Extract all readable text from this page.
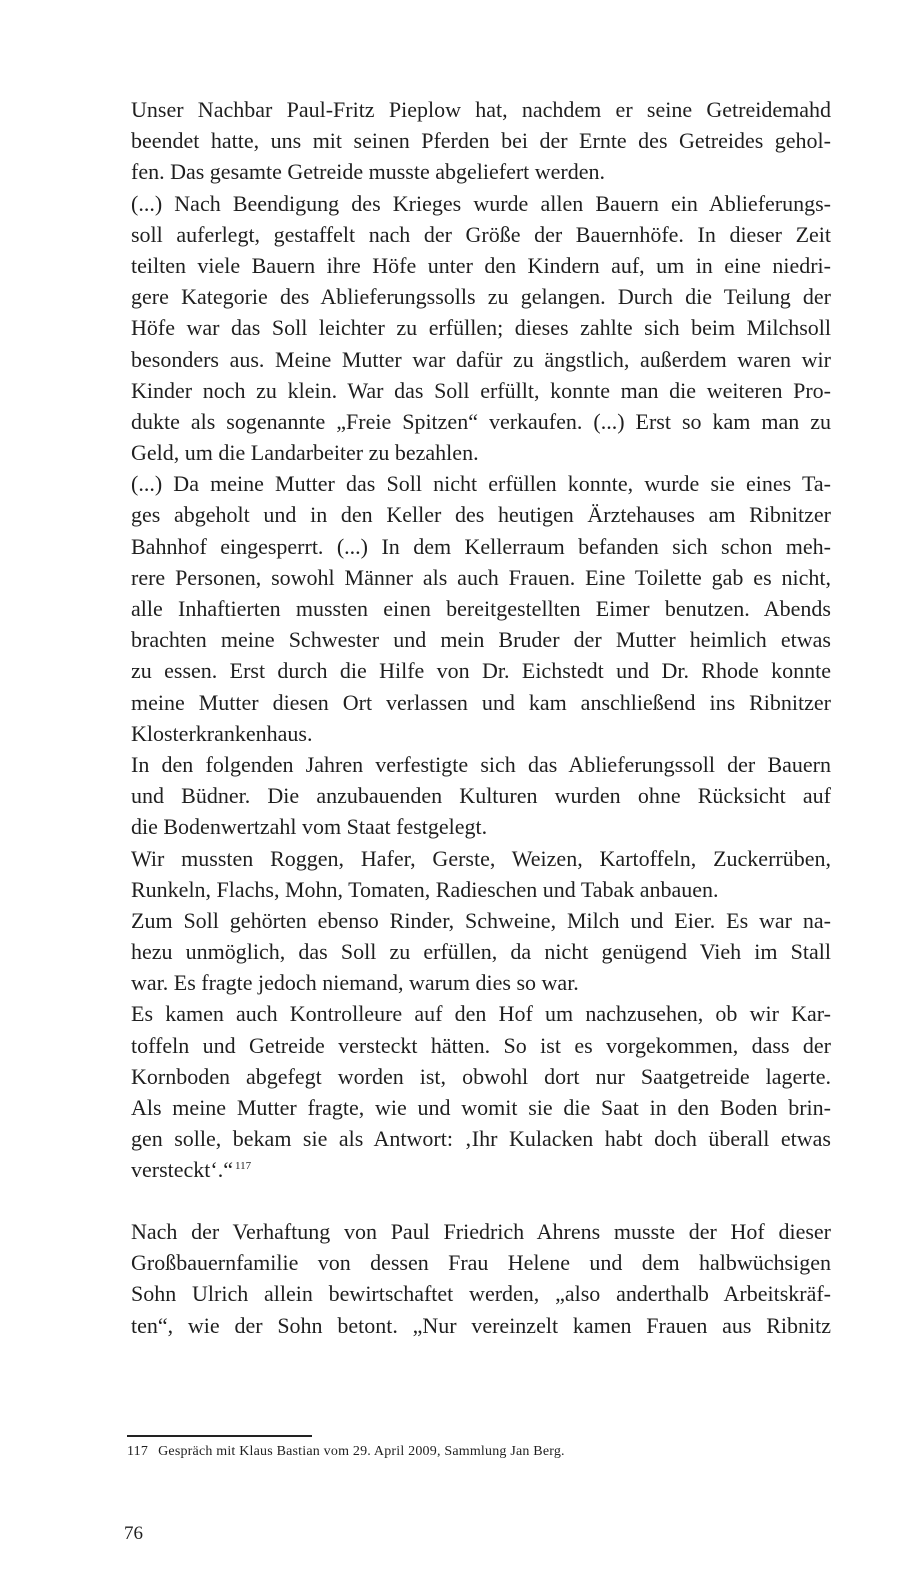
Unser Nachbar Paul-Fritz Pieplow hat, nachdem er seine Getreidemahd
beendet hatte, uns mit seinen Pferden bei der Ernte des Getreides gehol-
fen. Das gesamte Getreide musste abgeliefert werden.
(...) Nach Beendigung des Krieges wurde allen Bauern ein Ablieferungs-
soll auferlegt, gestaffelt nach der Größe der Bauernhöfe. In dieser Zeit
teilten viele Bauern ihre Höfe unter den Kindern auf, um in eine niedri-
gere Kategorie des Ablieferungssolls zu gelangen. Durch die Teilung der
Höfe war das Soll leichter zu erfüllen; dieses zahlte sich beim Milchsoll
besonders aus. Meine Mutter war dafür zu ängstlich, außerdem waren wir
Kinder noch zu klein. War das Soll erfüllt, konnte man die weiteren Pro-
dukte als sogenannte „Freie Spitzen“ verkaufen. (...) Erst so kam man zu
Geld, um die Landarbeiter zu bezahlen.
(...) Da meine Mutter das Soll nicht erfüllen konnte, wurde sie eines Ta-
ges abgeholt und in den Keller des heutigen Ärztehauses am Ribnitzer
Bahnhof eingesperrt. (...) In dem Kellerraum befanden sich schon meh-
rere Personen, sowohl Männer als auch Frauen. Eine Toilette gab es nicht,
alle Inhaftierten mussten einen bereitgestellten Eimer benutzen. Abends
brachten meine Schwester und mein Bruder der Mutter heimlich etwas
zu essen. Erst durch die Hilfe von Dr. Eichstedt und Dr. Rhode konnte
meine Mutter diesen Ort verlassen und kam anschließend ins Ribnitzer
Klosterkrankenhaus.
In den folgenden Jahren verfestigte sich das Ablieferungssoll der Bauern
und Büdner. Die anzubauenden Kulturen wurden ohne Rücksicht auf
die Bodenwertzahl vom Staat festgelegt.
Wir mussten Roggen, Hafer, Gerste, Weizen, Kartoffeln, Zuckerrüben,
Runkeln, Flachs, Mohn, Tomaten, Radieschen und Tabak anbauen.
Zum Soll gehörten ebenso Rinder, Schweine, Milch und Eier. Es war na-
hezu unmöglich, das Soll zu erfüllen, da nicht genügend Vieh im Stall
war. Es fragte jedoch niemand, warum dies so war.
Es kamen auch Kontrolleure auf den Hof um nachzusehen, ob wir Kar-
toffeln und Getreide versteckt hätten. So ist es vorgekommen, dass der
Kornboden abgefegt worden ist, obwohl dort nur Saatgetreide lagerte.
Als meine Mutter fragte, wie und womit sie die Saat in den Boden brin-
gen solle, bekam sie als Antwort: ‚Ihr Kulacken habt doch überall etwas
versteckt‘.“ $^{117}$
Nach der Verhaftung von Paul Friedrich Ahrens musste der Hof dieser
Großbauernfamilie von dessen Frau Helene und dem halbwüchsigen
Sohn Ulrich allein bewirtschaftet werden, „also anderthalb Arbeitskräf-
ten“, wie der Sohn betont. „Nur vereinzelt kamen Frauen aus Ribnitz
117 Gespräch mit Klaus Bastian vom 29. April 2009, Sammlung Jan Berg.
76
